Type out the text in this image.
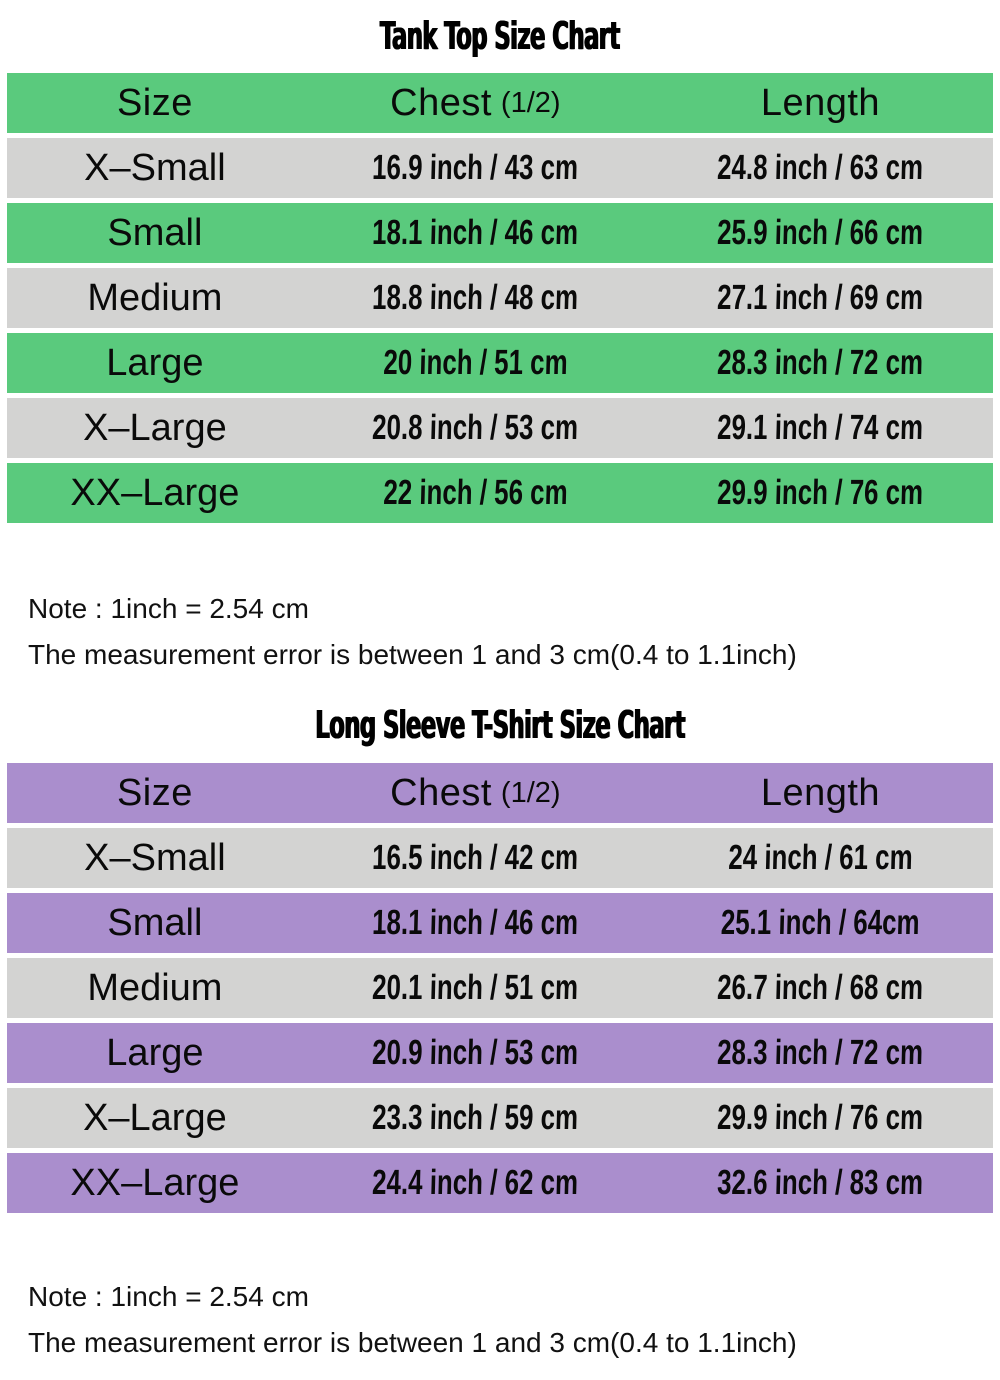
Tank Top Size Chart
Size	Chest (1/2)	Length
X–Small	16.9 inch / 43 cm	24.8 inch / 63 cm
Small	18.1 inch / 46 cm	25.9 inch / 66 cm
Medium	18.8 inch / 48 cm	27.1 inch / 69 cm
Large	20 inch / 51 cm	28.3 inch / 72 cm
X–Large	20.8 inch / 53 cm	29.1 inch / 74 cm
XX–Large	22 inch / 56 cm	29.9 inch / 76 cm

Note : 1inch = 2.54 cm

The measurement error is between 1 and 3 cm(0.4 to 1.1inch)

Long Sleeve T-Shirt Size Chart
Size	Chest (1/2)	Length
X–Small	16.5 inch / 42 cm	24 inch / 61 cm
Small	18.1 inch / 46 cm	25.1 inch / 64cm
Medium	20.1 inch / 51 cm	26.7 inch / 68 cm
Large	20.9 inch / 53 cm	28.3 inch / 72 cm
X–Large	23.3 inch / 59 cm	29.9 inch / 76 cm
XX–Large	24.4 inch / 62 cm	32.6 inch / 83 cm

Note : 1inch = 2.54 cm

The measurement error is between 1 and 3 cm(0.4 to 1.1inch)
